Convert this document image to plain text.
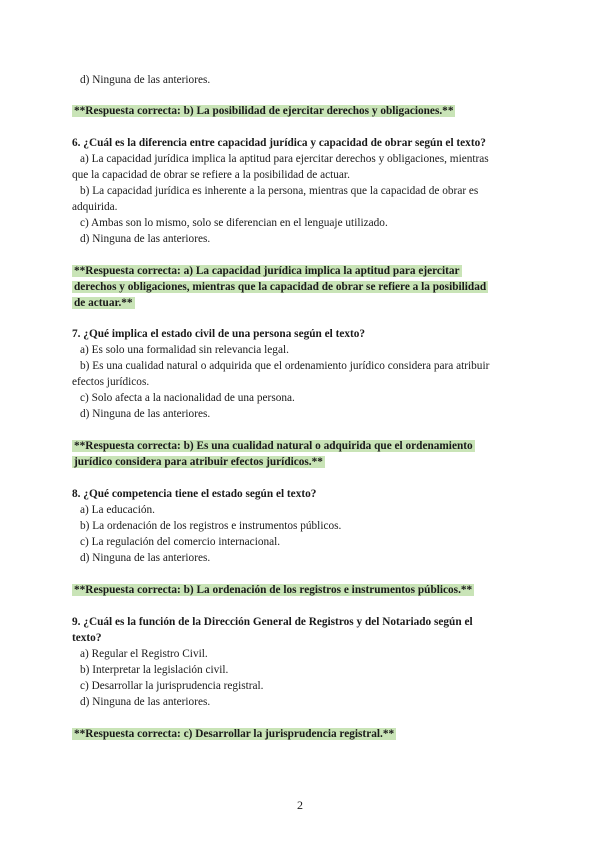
d) Ninguna de las anteriores.
**Respuesta correcta: b) La posibilidad de ejercitar derechos y obligaciones.**
6. ¿Cuál es la diferencia entre capacidad jurídica y capacidad de obrar según el texto?
a) La capacidad jurídica implica la aptitud para ejercitar derechos y obligaciones, mientras
que la capacidad de obrar se refiere a la posibilidad de actuar.
b) La capacidad jurídica es inherente a la persona, mientras que la capacidad de obrar es
adquirida.
c) Ambas son lo mismo, solo se diferencian en el lenguaje utilizado.
d) Ninguna de las anteriores.
**Respuesta correcta: a) La capacidad jurídica implica la aptitud para ejercitar
derechos y obligaciones, mientras que la capacidad de obrar se refiere a la posibilidad
de actuar.**
7. ¿Qué implica el estado civil de una persona según el texto?
a) Es solo una formalidad sin relevancia legal.
b) Es una cualidad natural o adquirida que el ordenamiento jurídico considera para atribuir
efectos jurídicos.
c) Solo afecta a la nacionalidad de una persona.
d) Ninguna de las anteriores.
**Respuesta correcta: b) Es una cualidad natural o adquirida que el ordenamiento
jurídico considera para atribuir efectos jurídicos.**
8. ¿Qué competencia tiene el estado según el texto?
a) La educación.
b) La ordenación de los registros e instrumentos públicos.
c) La regulación del comercio internacional.
d) Ninguna de las anteriores.
**Respuesta correcta: b) La ordenación de los registros e instrumentos públicos.**
9. ¿Cuál es la función de la Dirección General de Registros y del Notariado según el
texto?
a) Regular el Registro Civil.
b) Interpretar la legislación civil.
c) Desarrollar la jurisprudencia registral.
d) Ninguna de las anteriores.
**Respuesta correcta: c) Desarrollar la jurisprudencia registral.**
2
